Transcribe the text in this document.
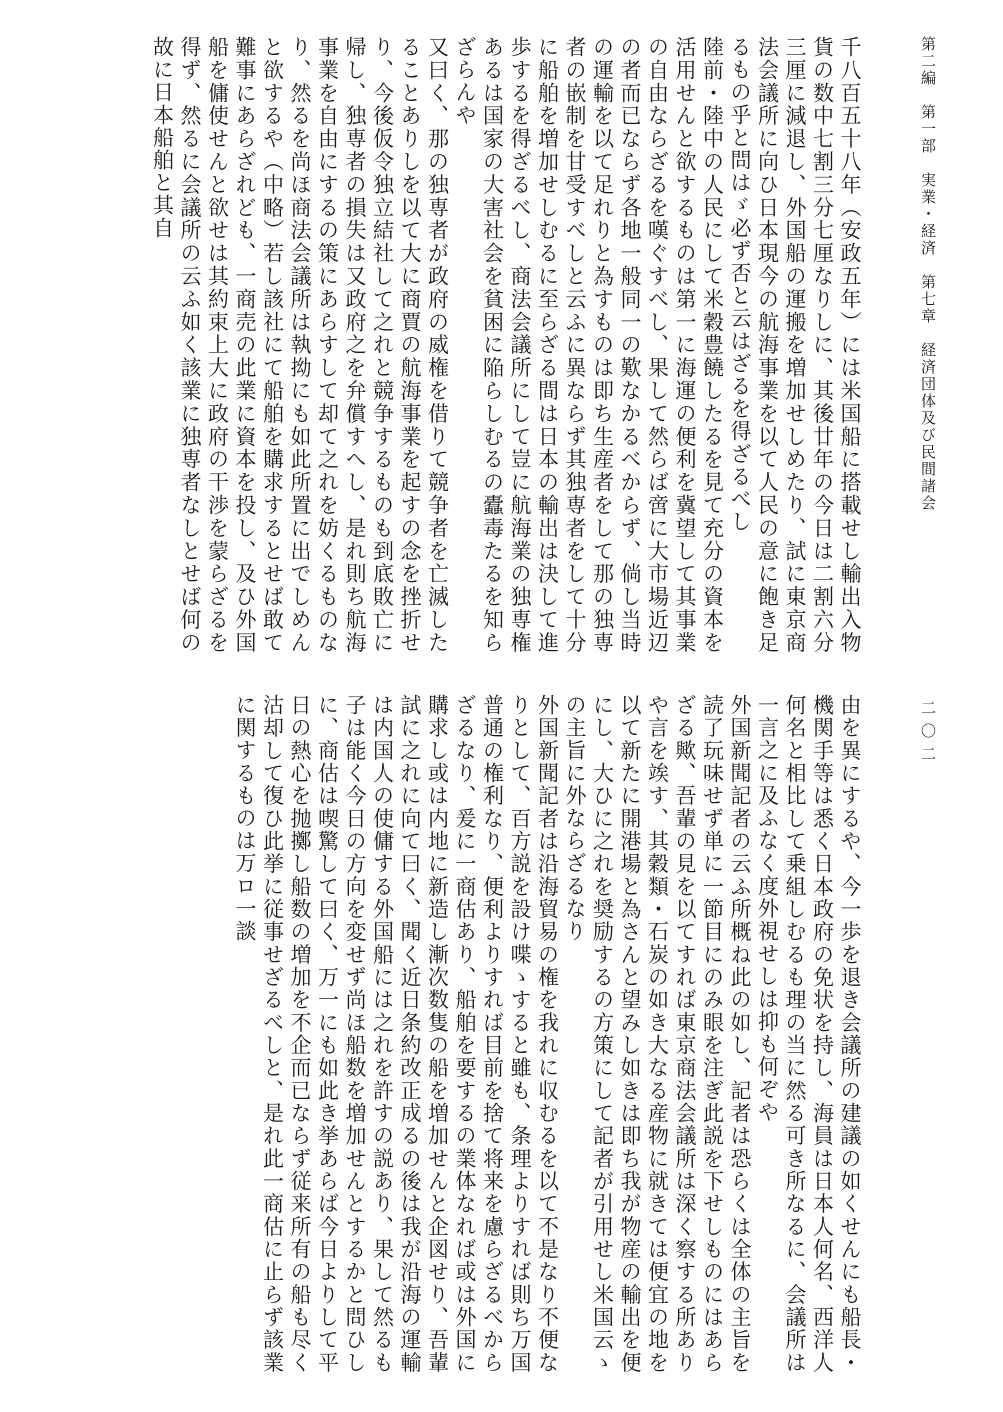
第二編　第一部　実業・経済　第七章　経済団体及び民間諸会
二〇二

千八百五十八年（安政五年）には米国船に搭載せし輸出入物貨の数中七割三分七厘なりしに、其後廿年の今日は二割六分三厘に減退し、外国船の運搬を増加せしめたり、試に東京商法会議所に向ひ日本現今の航海事業を以て人民の意に飽き足るもの乎と問はゞ必ず否と云はざるを得ざるべし

陸前・陸中の人民にして米穀豊饒したるを見て充分の資本を活用せんと欲するものは第一に海運の便利を冀望して其事業の自由ならざるを嘆ぐすべし、果して然らば啻に大市場近辺の者而已ならず各地一般同一の歎なかるべからず、倘し当時の運輸を以て足れりと為すものは即ち生産者をして那の独専者の嵌制を甘受すべしと云ふに異ならず其独専者をして十分に船舶を増加せしむるに至らざる間は日本の輸出は決して進歩するを得ざるべし、商法会議所にして豈に航海業の独専権あるは国家の大害社会を貧困に陥らしむるの蠹毒たるを知らざらんや

又曰く、那の独専者が政府の威権を借りて競争者を亡滅したることありしを以て大に商賈の航海事業を起すの念を挫折せり、今後仮令独立結社して之れと競争するものも到底敗亡に帰し、独専者の損失は又政府之を弁償すへし、是れ則ち航海事業を自由にするの策にあらすして却て之れを妨くるものなり、然るを尚ほ商法会議所は執拗にも如此所置に出でしめんと欲するや（中略）若し該社にて船舶を購求するとせば敢て難事にあらざれども、一商売の此業に資本を投し、及ひ外国船を傭使せんと欲せは其約束上大に政府の干渉を蒙らざるを得ず、然るに会議所の云ふ如く該業に独専者なしとせば何の故に日本船舶と其自

由を異にするや、今一歩を退き会議所の建議の如くせんにも船長・機関手等は悉く日本政府の免状を持し、海員は日本人何名、西洋人何名と相比して乗組しむるも理の当に然る可き所なるに、会議所は一言之に及ふなく度外視せしは抑も何ぞや

外国新聞記者の云ふ所概ね此の如し、記者は恐らくは全体の主旨を読了玩味せず単に一節目にのみ眼を注ぎ此説を下せしものにはあらざる歟、吾輩の見を以てすれば東京商法会議所は深く察する所ありや言を竢す、其穀類・石炭の如き大なる産物に就きては便宜の地を以て新たに開港場と為さんと望みし如きは即ち我が物産の輸出を便にし、大ひに之れを奨励するの方策にして記者が引用せし米国云ゝの主旨に外ならざるなり

外国新聞記者は沿海貿易の権を我れに収むるを以て不是なり不便なりとして、百方説を設け喋ゝすると雖も、条理よりすれば則ち万国普通の権利なり、便利よりすれば目前を捨て将来を慮らざるべからざるなり、爰に一商估あり、船舶を要するの業体なれば或は外国に購求し或は内地に新造し漸次数隻の船を増加せんと企図せり、吾輩試に之れに向て曰く、聞く近日条約改正成るの後は我が沿海の運輸は内国人の使傭する外国船には之れを許すの説あり、果して然るも子は能く今日の方向を変せず尚ほ船数を増加せんとするかと問ひしに、商估は喫驚して曰く、万一にも如此き挙あらば今日よりして平日の熱心を抛擲し船数の増加を不企而已ならず従来所有の船も尽く沽却して復ひ此挙に従事せざるべしと、是れ此一商估に止らず該業に関するものは万ロ一談
